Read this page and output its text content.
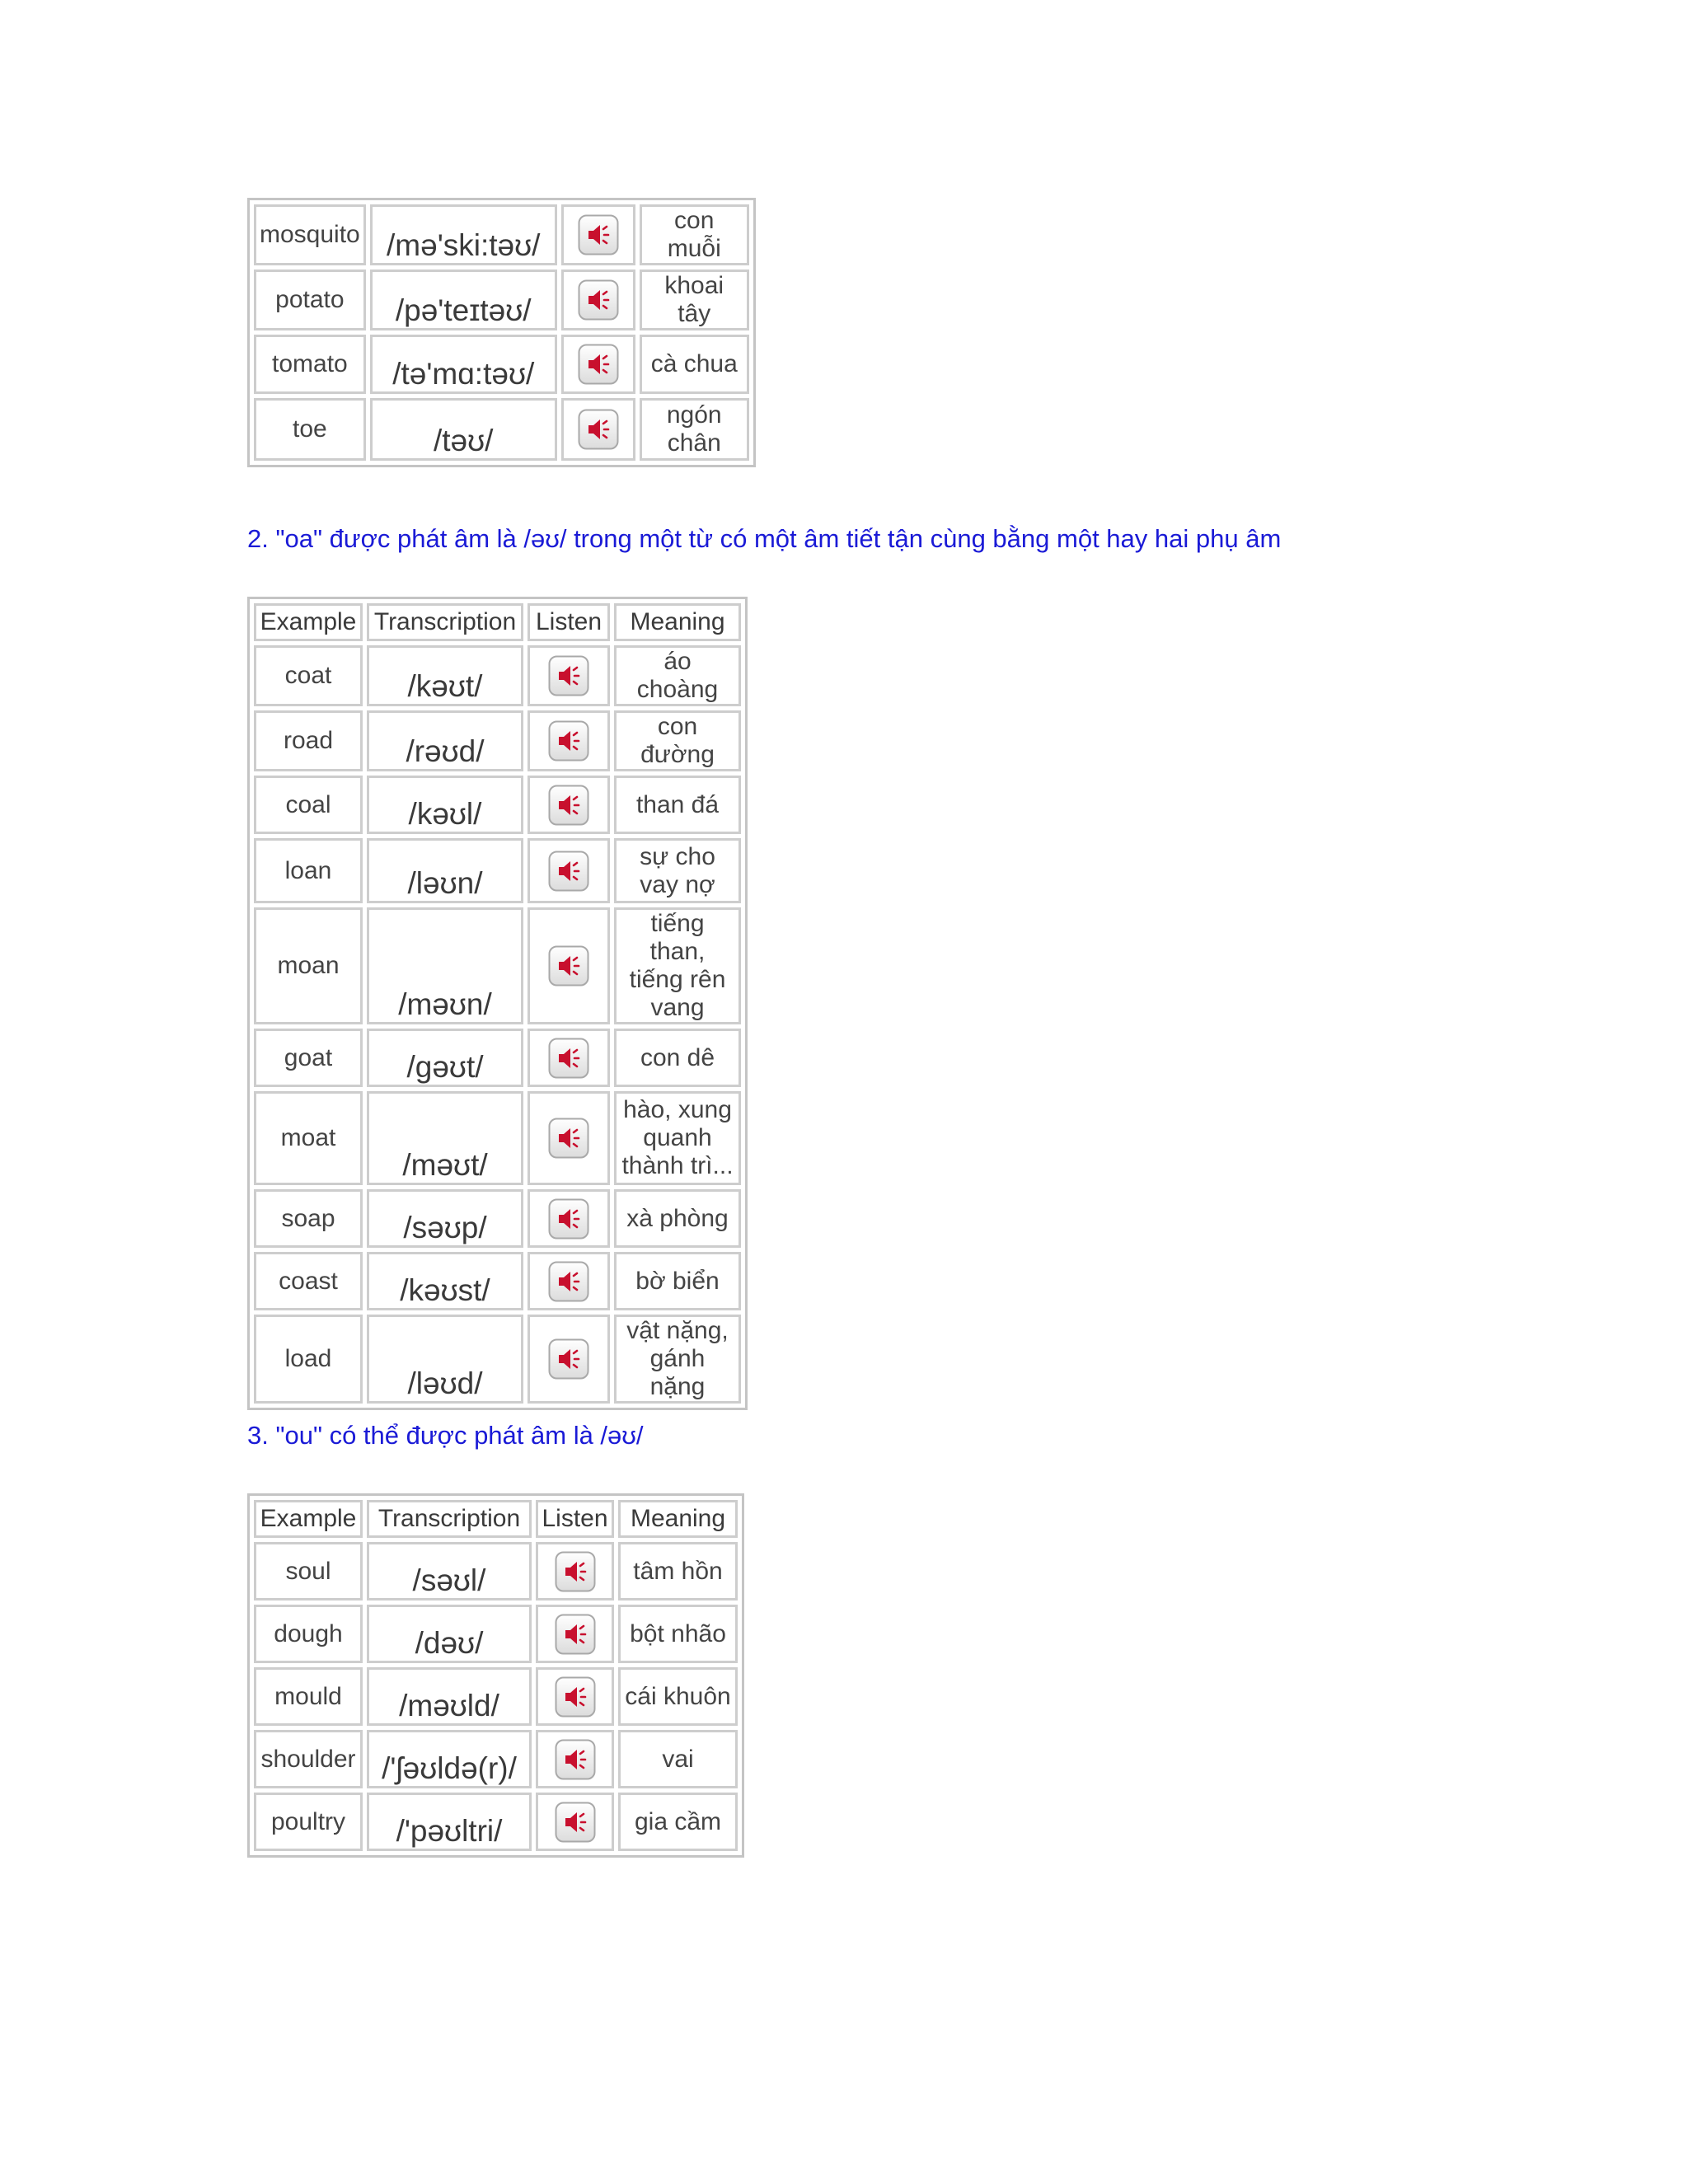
mosquito	/mə'ski:təʊ/		con muỗi
potato	/pə'teɪtəʊ/		khoai tây
tomato	/tə'mɑ:təʊ/		cà chua
toe	/təʊ/		ngón chân
2. "oa" được phát âm là /əʊ/ trong một từ có một âm tiết tận cùng bằng một hay hai phụ âm
Example	Transcription	Listen	Meaning
coat	/kəʊt/		áo choàng
road	/rəʊd/		con đường
coal	/kəʊl/		than đá
loan	/ləʊn/		sự cho vay nợ
moan	/məʊn/		tiếng than, tiếng rên vang
goat	/gəʊt/		con dê
moat	/məʊt/		hào, xung quanh thành trì...
soap	/səʊp/		xà phòng
coast	/kəʊst/		bờ biển
load	/ləʊd/		vật nặng, gánh nặng
3. "ou" có thể được phát âm là /əʊ/
Example	Transcription	Listen	Meaning
soul	/səʊl/		tâm hồn
dough	/dəʊ/		bột nhão
mould	/məʊld/		cái khuôn
shoulder	/'ʃəʊldə(r)/		vai
poultry	/'pəʊltri/		gia cầm
